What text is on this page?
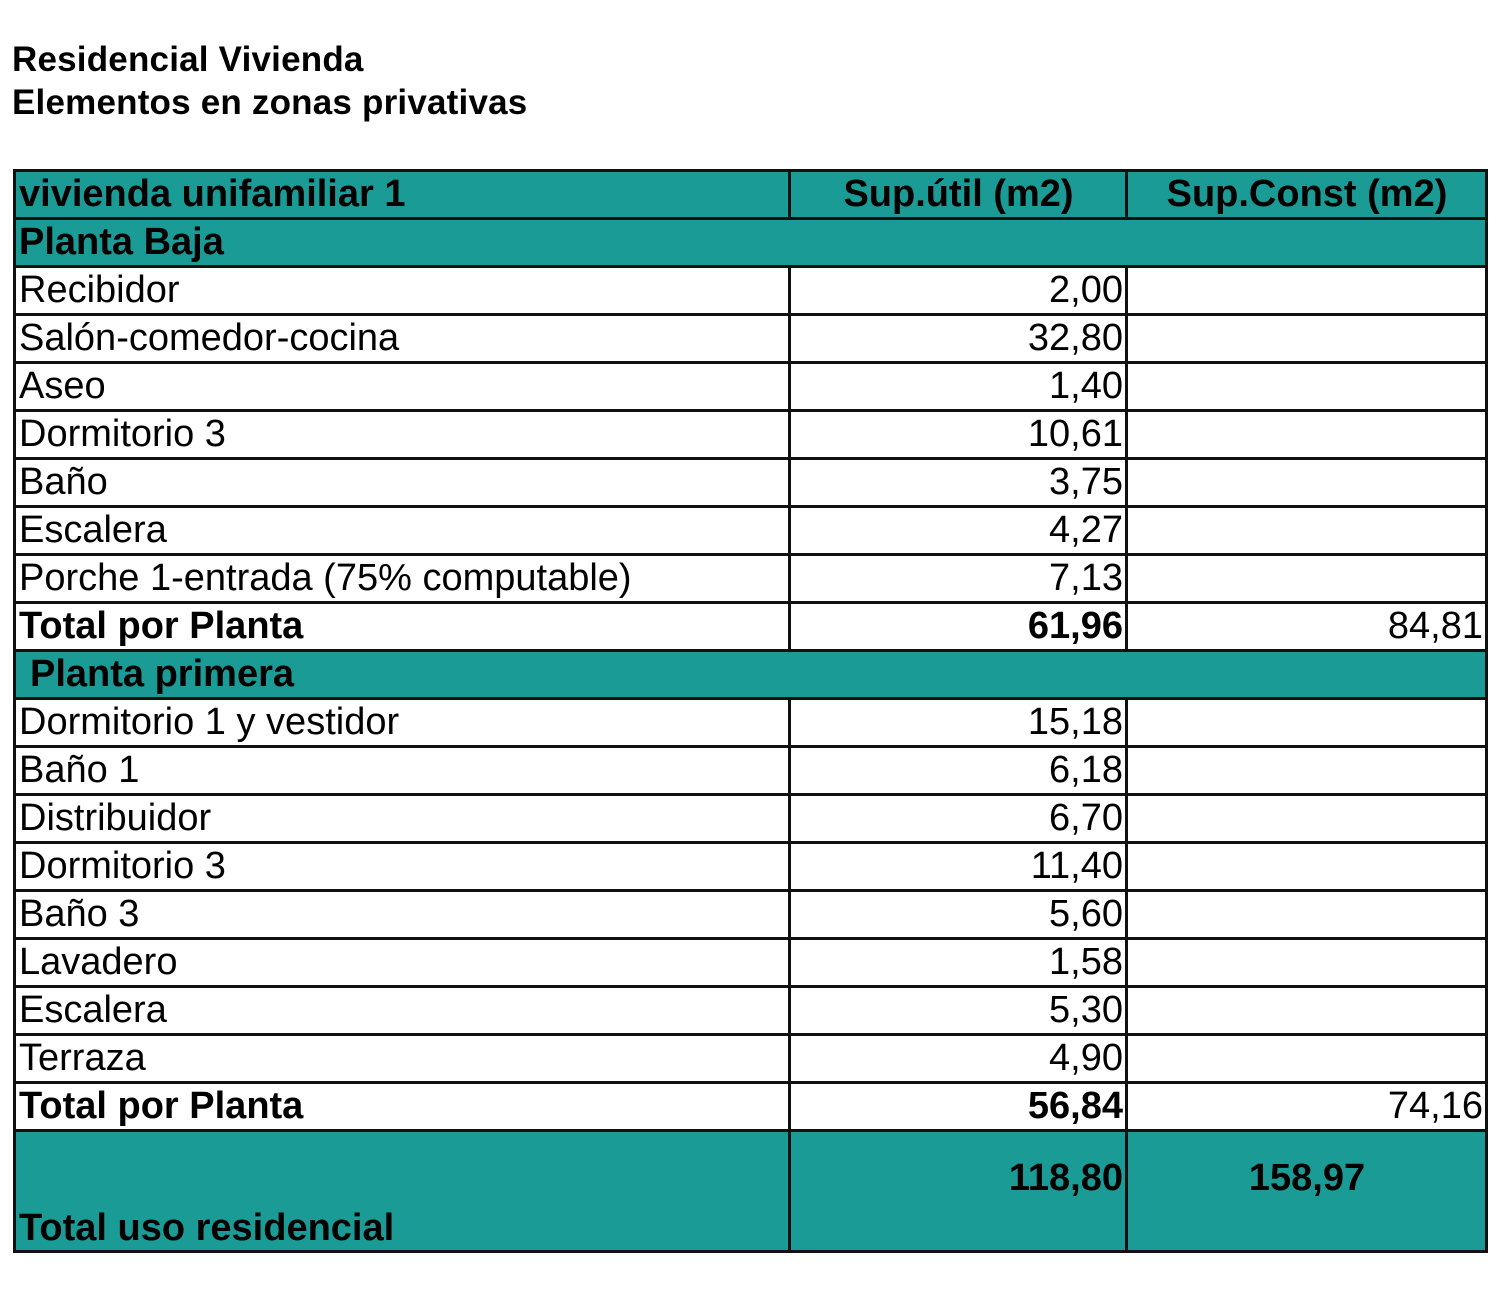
Residencial Vivienda
Elementos en zonas privativas
vivienda unifamiliar 1	Sup.útil (m2)	Sup.Const (m2)
Planta Baja		
Recibidor	2,00	
Salón-comedor-cocina	32,80	
Aseo	1,40	
Dormitorio 3	10,61	
Baño	3,75	
Escalera	4,27	
Porche 1-entrada (75% computable)	7,13	
Total por Planta	61,96	84,81
Planta primera		
Dormitorio 1 y vestidor	15,18	
Baño 1	6,18	
Distribuidor	6,70	
Dormitorio 3	11,40	
Baño 3	5,60	
Lavadero	1,58	
Escalera	5,30	
Terraza	4,90	
Total por Planta	56,84	74,16
Total uso residencial	118,80	158,97
